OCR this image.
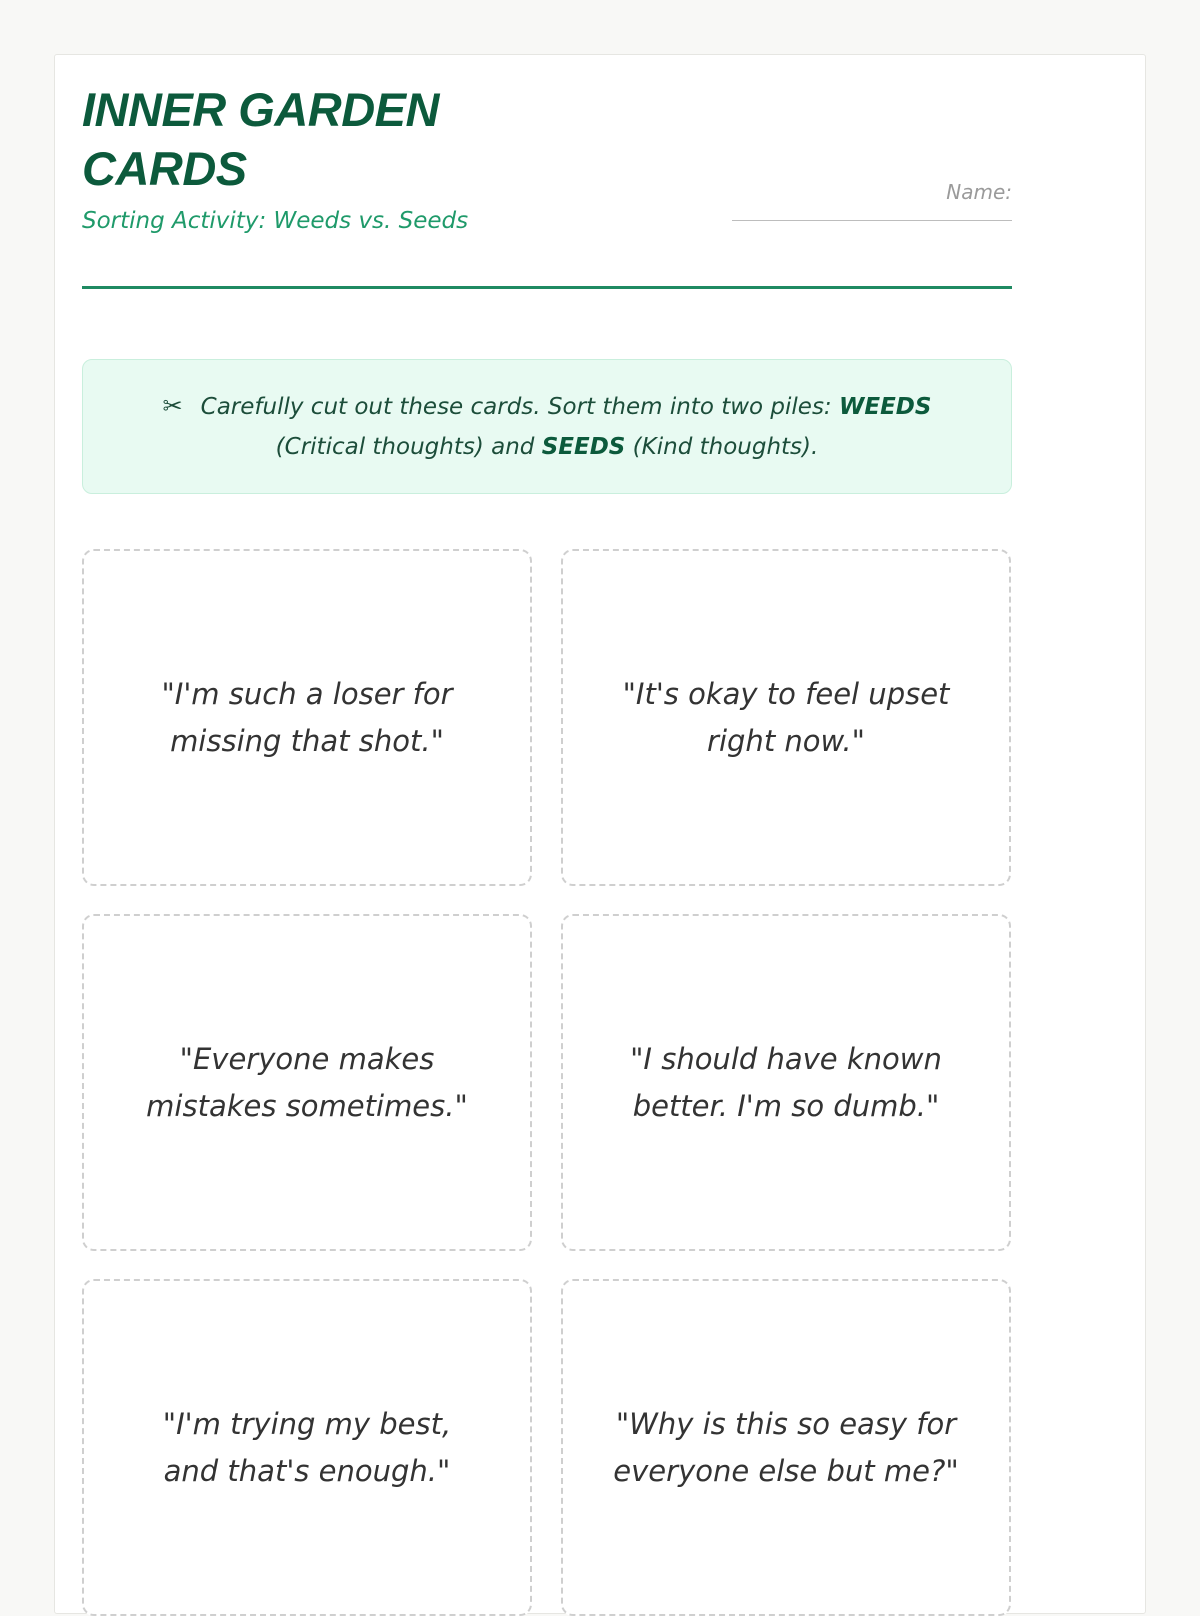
INNER GARDEN CARDS
Sorting Activity: Weeds vs. Seeds
Name:
✂ Carefully cut out these cards. Sort them into two piles: WEEDS (Critical thoughts) and SEEDS (Kind thoughts).
"I'm such a loser for missing that shot."
"It's okay to feel upset right now."
"Everyone makes mistakes sometimes."
"I should have known better. I'm so dumb."
"I'm trying my best, and that's enough."
"Why is this so easy for everyone else but me?"
